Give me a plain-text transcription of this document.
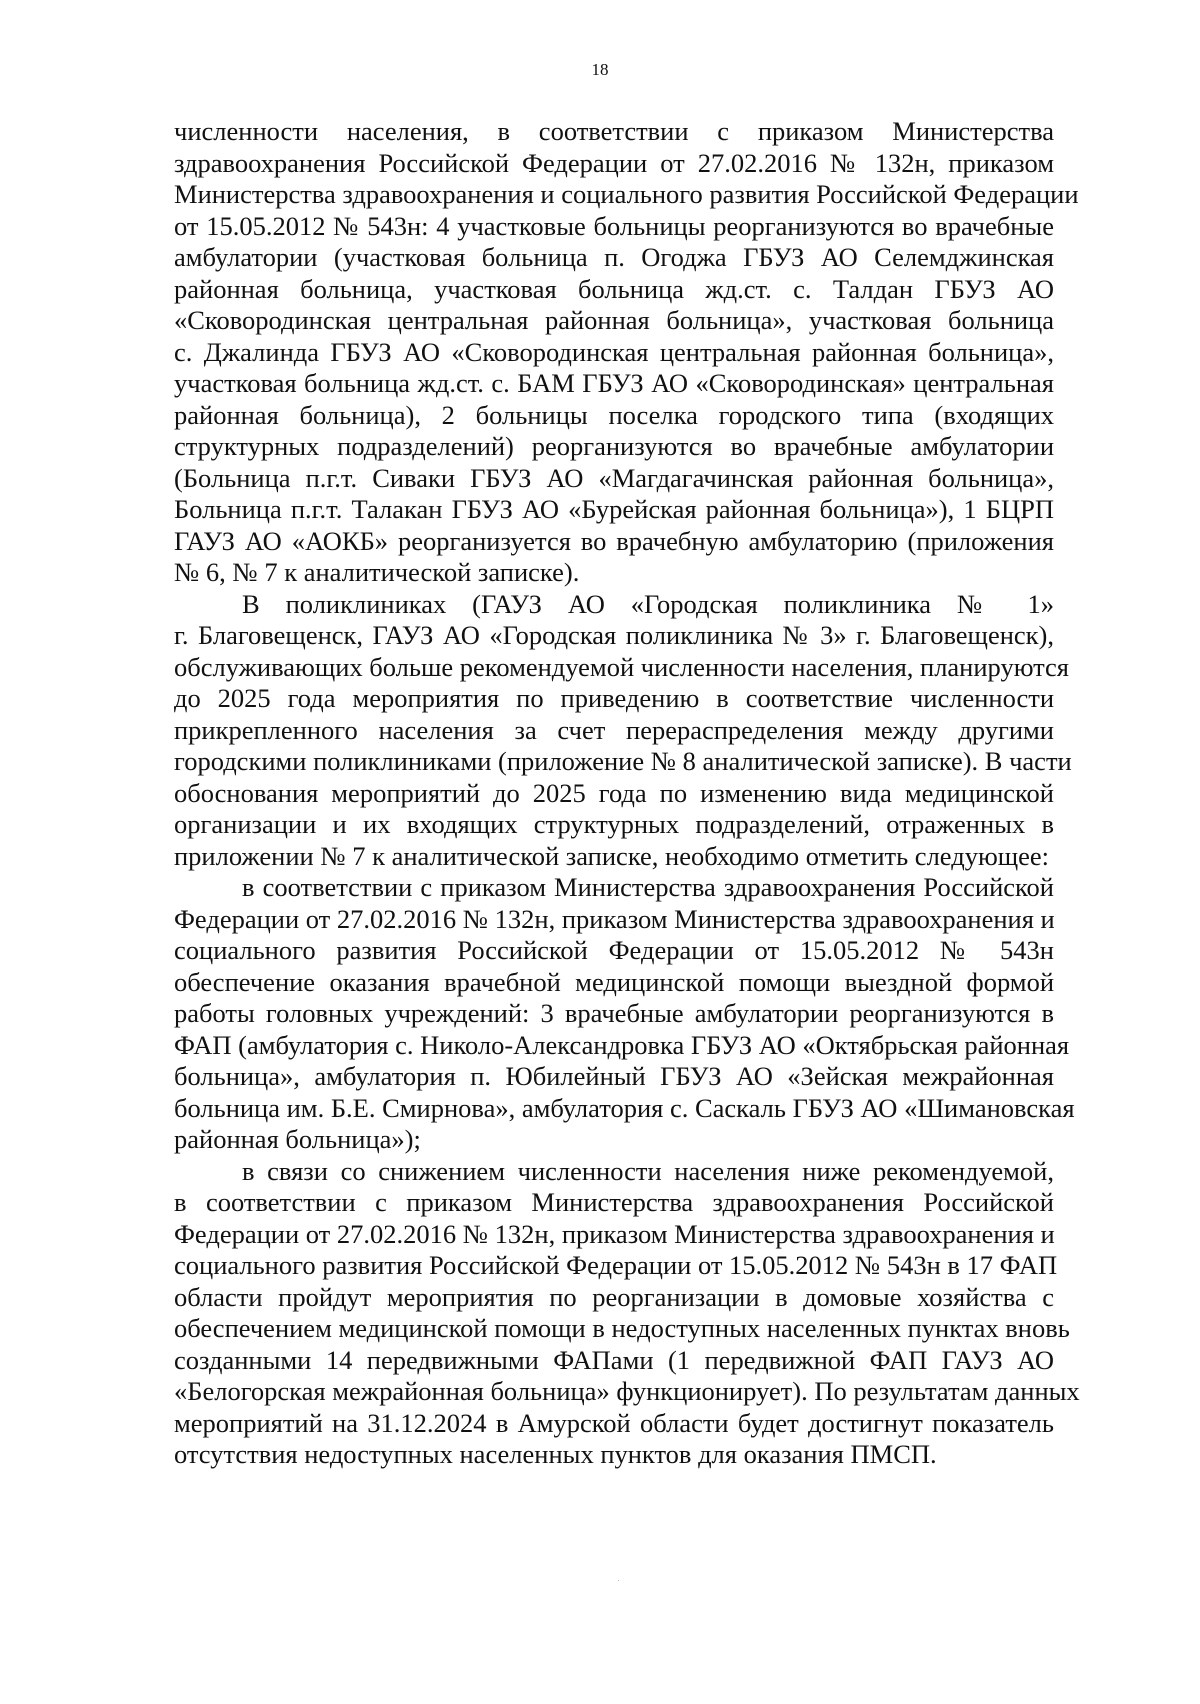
18
численности населения, в соответствии с приказом Министерства
здравоохранения Российской Федерации от 27.02.2016 № 132н, приказом
Министерства здравоохранения и социального развития Российской Федерации
от 15.05.2012 № 543н: 4 участковые больницы реорганизуются во врачебные
амбулатории (участковая больница п. Огоджа ГБУЗ АО Селемджинская
районная больница, участковая больница жд.ст. с. Талдан ГБУЗ АО
«Сковородинская центральная районная больница», участковая больница
с. Джалинда ГБУЗ АО «Сковородинская центральная районная больница»,
участковая больница жд.ст. с. БАМ ГБУЗ АО «Сковородинская» центральная
районная больница), 2 больницы поселка городского типа (входящих
структурных подразделений) реорганизуются во врачебные амбулатории
(Больница п.г.т. Сиваки ГБУЗ АО «Магдагачинская районная больница»,
Больница п.г.т. Талакан ГБУЗ АО «Бурейская районная больница»), 1 БЦРП
ГАУЗ АО «АОКБ» реорганизуется во врачебную амбулаторию (приложения
№ 6, № 7 к аналитической записке).
В поликлиниках (ГАУЗ АО «Городская поликлиника № 1»
г. Благовещенск, ГАУЗ АО «Городская поликлиника № 3» г. Благовещенск),
обслуживающих больше рекомендуемой численности населения, планируются
до 2025 года мероприятия по приведению в соответствие численности
прикрепленного населения за счет перераспределения между другими
городскими поликлиниками (приложение № 8 аналитической записке). В части
обоснования мероприятий до 2025 года по изменению вида медицинской
организации и их входящих структурных подразделений, отраженных в
приложении № 7 к аналитической записке, необходимо отметить следующее:
в соответствии с приказом Министерства здравоохранения Российской
Федерации от 27.02.2016 № 132н, приказом Министерства здравоохранения и
социального развития Российской Федерации от 15.05.2012 № 543н
обеспечение оказания врачебной медицинской помощи выездной формой
работы головных учреждений: 3 врачебные амбулатории реорганизуются в
ФАП (амбулатория с. Николо-Александровка ГБУЗ АО «Октябрьская районная
больница», амбулатория п. Юбилейный ГБУЗ АО «Зейская межрайонная
больница им. Б.Е. Смирнова», амбулатория с. Саскаль ГБУЗ АО «Шимановская
районная больница»);
в связи со снижением численности населения ниже рекомендуемой,
в соответствии с приказом Министерства здравоохранения Российской
Федерации от 27.02.2016 № 132н, приказом Министерства здравоохранения и
социального развития Российской Федерации от 15.05.2012 № 543н в 17 ФАП
области пройдут мероприятия по реорганизации в домовые хозяйства с
обеспечением медицинской помощи в недоступных населенных пунктах вновь
созданными 14 передвижными ФАПами (1 передвижной ФАП ГАУЗ АО
«Белогорская межрайонная больница» функционирует). По результатам данных
мероприятий на 31.12.2024 в Амурской области будет достигнут показатель
отсутствия недоступных населенных пунктов для оказания ПМСП.
